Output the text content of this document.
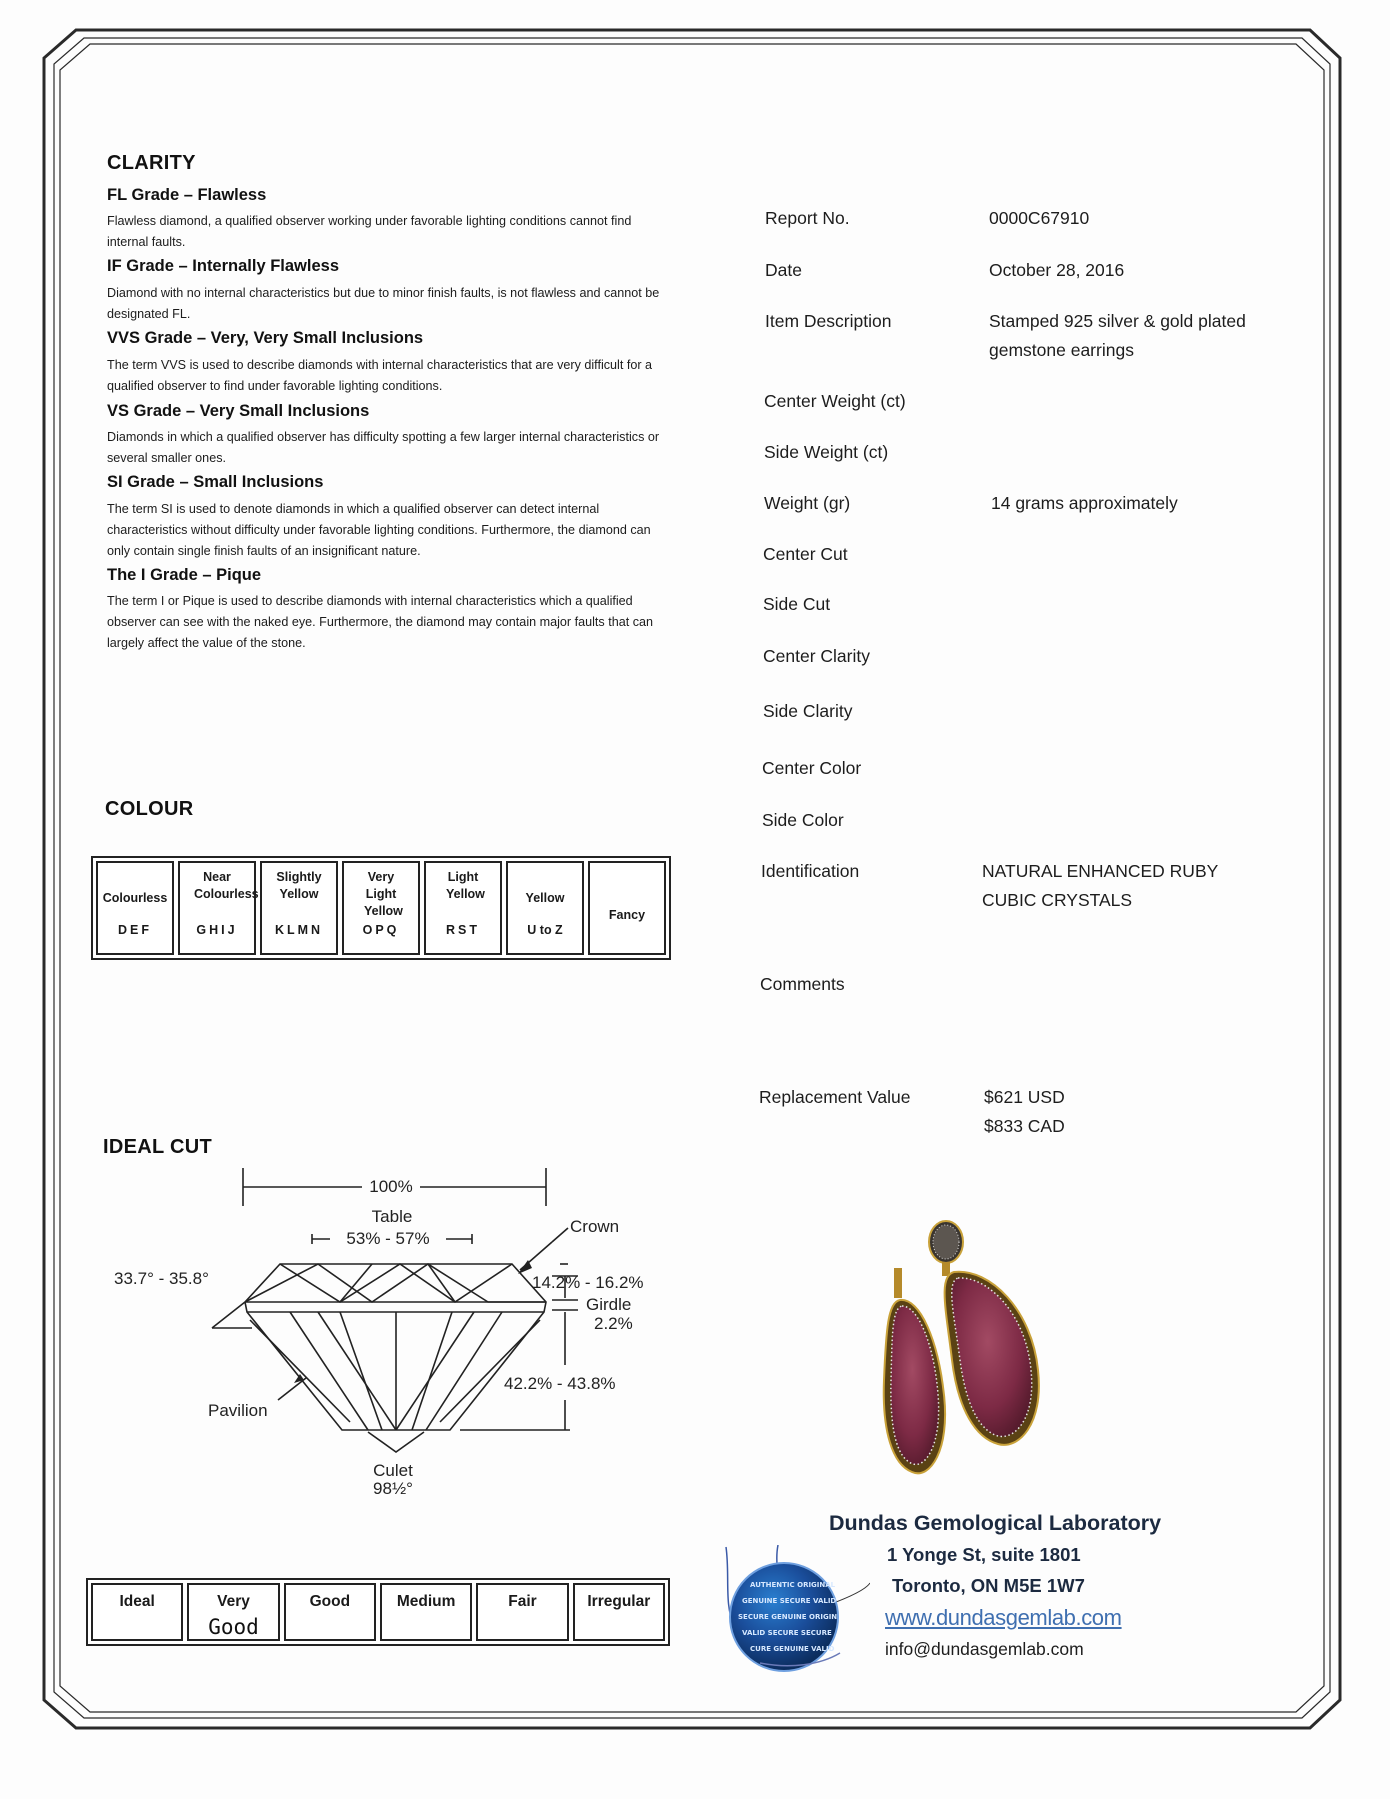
CLARITY
FL Grade – Flawless
Flawless diamond, a qualified observer working under favorable lighting conditions cannot find internal faults.
IF Grade – Internally Flawless
Diamond with no internal characteristics but due to minor finish faults, is not flawless and cannot be designated FL.
VVS Grade – Very, Very Small Inclusions
The term VVS is used to describe diamonds with internal characteristics that are very difficult for a qualified observer to find under favorable lighting conditions.
VS Grade – Very Small Inclusions
Diamonds in which a qualified observer has difficulty spotting a few larger internal characteristics or several smaller ones.
SI Grade – Small Inclusions
The term SI is used to denote diamonds in which a qualified observer can detect internal characteristics without difficulty under favorable lighting conditions. Furthermore, the diamond can only contain single finish faults of an insignificant nature.
The I Grade – Pique
The term I or Pique is used to describe diamonds with internal characteristics which a qualified observer can see with the naked eye. Furthermore, the diamond may contain major faults that can largely affect the value of the stone.
COLOUR
Colourless
DEF
Near Colourless
GHIJ
Slightly Yellow
KLMN
Very Light Yellow
OPQ
Light Yellow
RST
Yellow
U to Z
Fancy
IDEAL CUT
100%
Table
53% - 57%
Crown
33.7° - 35.8°	14.2% - 16.2%
Girdle
2.2%
42.2% - 43.8%
Pavilion
Culet
98½°
Ideal	Very
Good
Good	Medium	Fair	Irregular
Report No.	0000C67910
Date	October 28, 2016
Item Description	Stamped 925 silver & gold plated gemstone earrings
Center Weight (ct)
Side Weight (ct)
Weight (gr)	14 grams approximately
Center Cut
Side Cut
Center Clarity
Side Clarity
Center Color
Side Color
Identification	NATURAL ENHANCED RUBY CUBIC CRYSTALS
Comments
Replacement Value	$621 USD
$833 CAD
AUTHENTIC ORIGINAL
GENUINE SECURE VALID
SECURE GENUINE ORIGIN
VALID SECURE SECURE
CURE GENUINE VALID
Dundas Gemological Laboratory
1 Yonge St, suite 1801
Toronto, ON M5E 1W7
www.dundasgemlab.com
info@dundasgemlab.com
